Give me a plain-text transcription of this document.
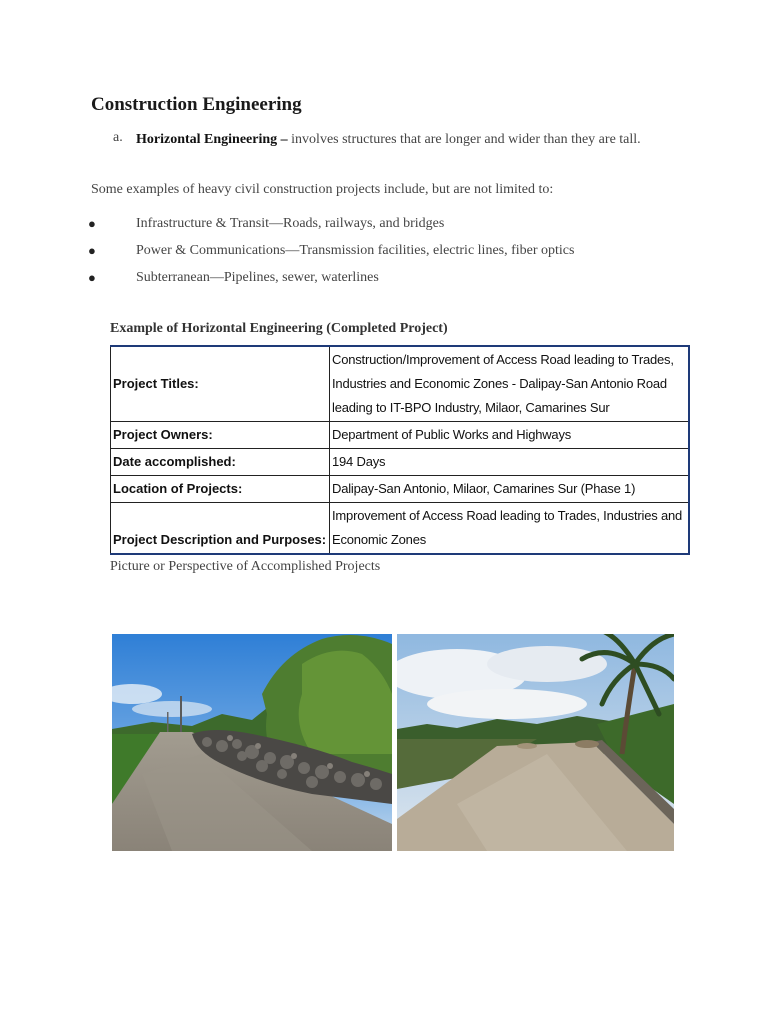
Construction Engineering
a. Horizontal Engineering – involves structures that are longer and wider than they are tall.
Some examples of heavy civil construction projects include, but are not limited to:
●	Infrastructure & Transit—Roads, railways, and bridges
●	Power & Communications—Transmission facilities, electric lines, fiber optics
●	Subterranean—Pipelines, sewer, waterlines
Example of Horizontal Engineering (Completed Project)
Project Titles:	Construction/Improvement of Access Road leading to Trades, Industries and Economic Zones - Dalipay-San Antonio Road leading to IT-BPO Industry, Milaor, Camarines Sur
Project Owners:	Department of Public Works and Highways
Date accomplished:	194 Days
Location of Projects:	Dalipay-San Antonio, Milaor, Camarines Sur (Phase 1)
Project Description and Purposes:	Improvement of Access Road leading to Trades, Industries and Economic Zones
Picture or Perspective of Accomplished Projects
